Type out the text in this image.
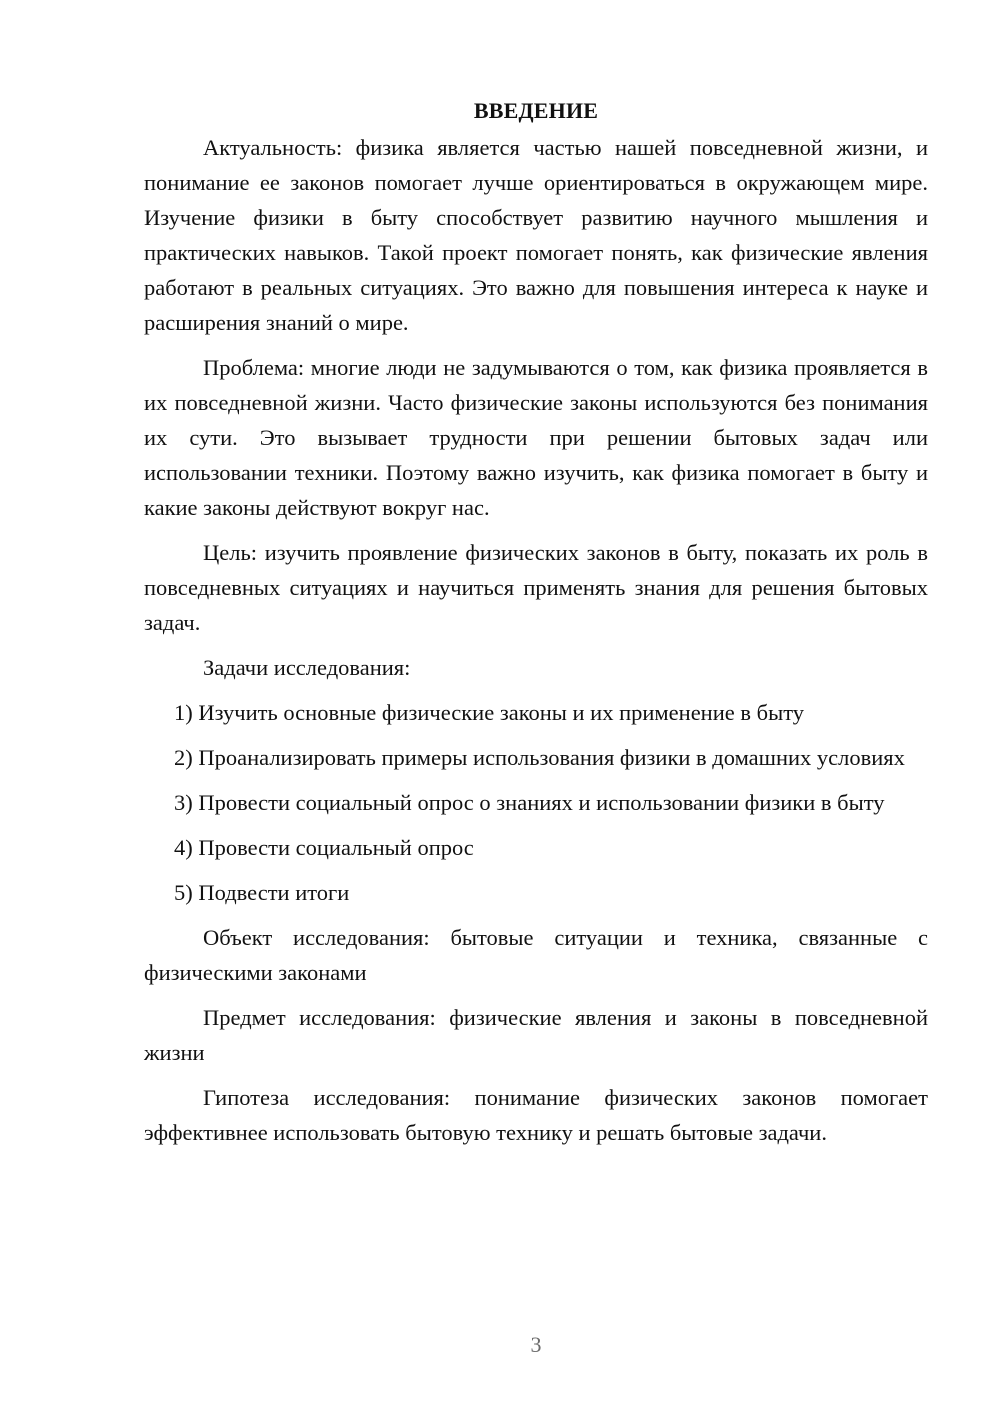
ВВЕДЕНИЕ

Актуальность: физика является частью нашей повседневной жизни, и понимание ее законов помогает лучше ориентироваться в окружающем мире. Изучение физики в быту способствует развитию научного мышления и практических навыков. Такой проект помогает понять, как физические явления работают в реальных ситуациях. Это важно для повышения интереса к науке и расширения знаний о мире.

Проблема: многие люди не задумываются о том, как физика проявляется в их повседневной жизни. Часто физические законы используются без понимания их сути. Это вызывает трудности при решении бытовых задач или использовании техники. Поэтому важно изучить, как физика помогает в быту и какие законы действуют вокруг нас.

Цель: изучить проявление физических законов в быту, показать их роль в повседневных ситуациях и научиться применять знания для решения бытовых задач.

Задачи исследования:

1) Изучить основные физические законы и их применение в быту

2) Проанализировать примеры использования физики в домашних условиях

3) Провести социальный опрос о знаниях и использовании физики в быту

4) Провести социальный опрос

5) Подвести итоги

Объект исследования: бытовые ситуации и техника, связанные с физическими законами

Предмет исследования: физические явления и законы в повседневной жизни

Гипотеза исследования: понимание физических законов помогает эффективнее использовать бытовую технику и решать бытовые задачи.

3
